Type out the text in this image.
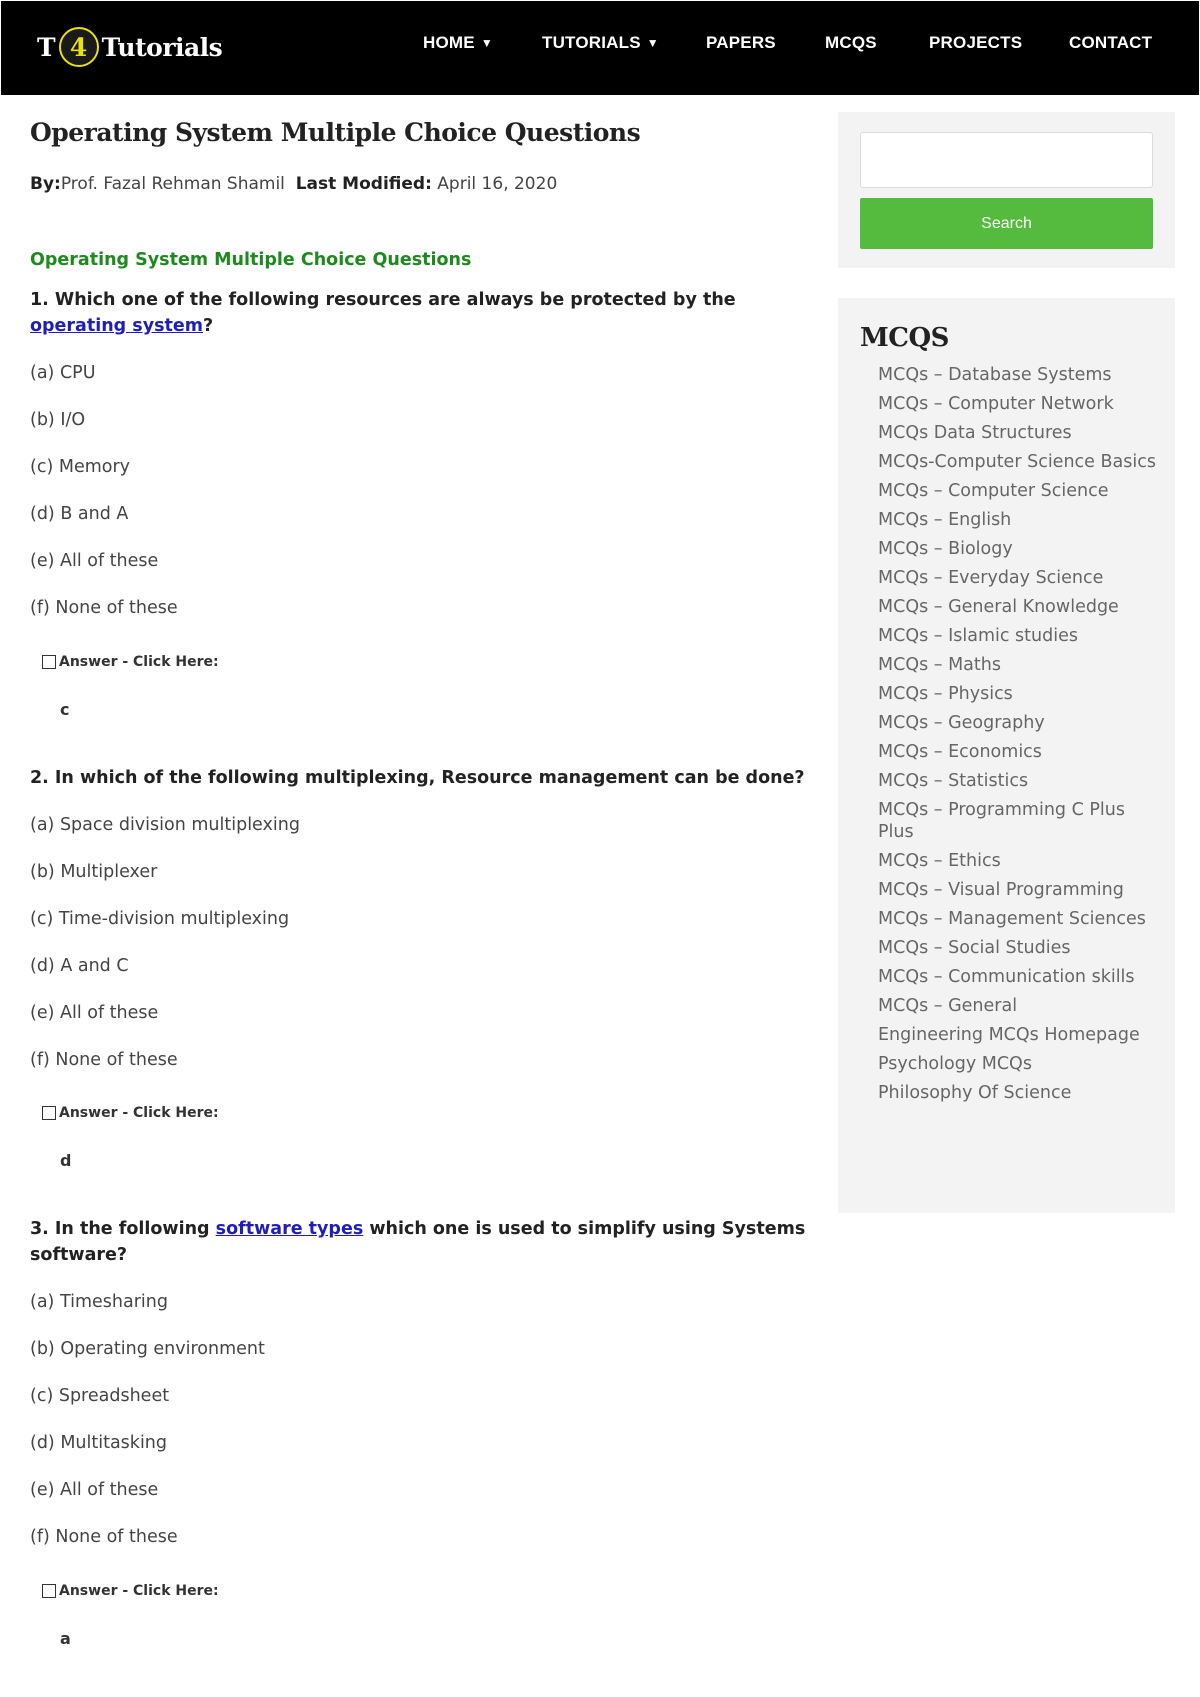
T 4 Tutorials	HOME ▼	TUTORIALS ▼	PAPERS	MCQS	PROJECTS	CONTACT
Operating System Multiple Choice Questions
By:Prof. Fazal Rehman Shamil Last Modified: April 16, 2020
Operating System Multiple Choice Questions
1. Which one of the following resources are always be protected by the operating system?
(a) CPU
(b) I/O
(c) Memory
(d) B and A
(e) All of these
(f) None of these
Answer - Click Here:
c
2. In which of the following multiplexing, Resource management can be done?
(a) Space division multiplexing
(b) Multiplexer
(c) Time-division multiplexing
(d) A and C
(e) All of these
(f) None of these
Answer - Click Here:
d
3. In the following software types which one is used to simplify using Systems software?
(a) Timesharing
(b) Operating environment
(c) Spreadsheet
(d) Multitasking
(e) All of these
(f) None of these
Answer - Click Here:
a
Search
MCQS
MCQs – Database Systems
MCQs – Computer Network
MCQs Data Structures
MCQs-Computer Science Basics
MCQs – Computer Science
MCQs – English
MCQs – Biology
MCQs – Everyday Science
MCQs – General Knowledge
MCQs – Islamic studies
MCQs – Maths
MCQs – Physics
MCQs – Geography
MCQs – Economics
MCQs – Statistics
MCQs – Programming C Plus Plus
MCQs – Ethics
MCQs – Visual Programming
MCQs – Management Sciences
MCQs – Social Studies
MCQs – Communication skills
MCQs – General
Engineering MCQs Homepage
Psychology MCQs
Philosophy Of Science
